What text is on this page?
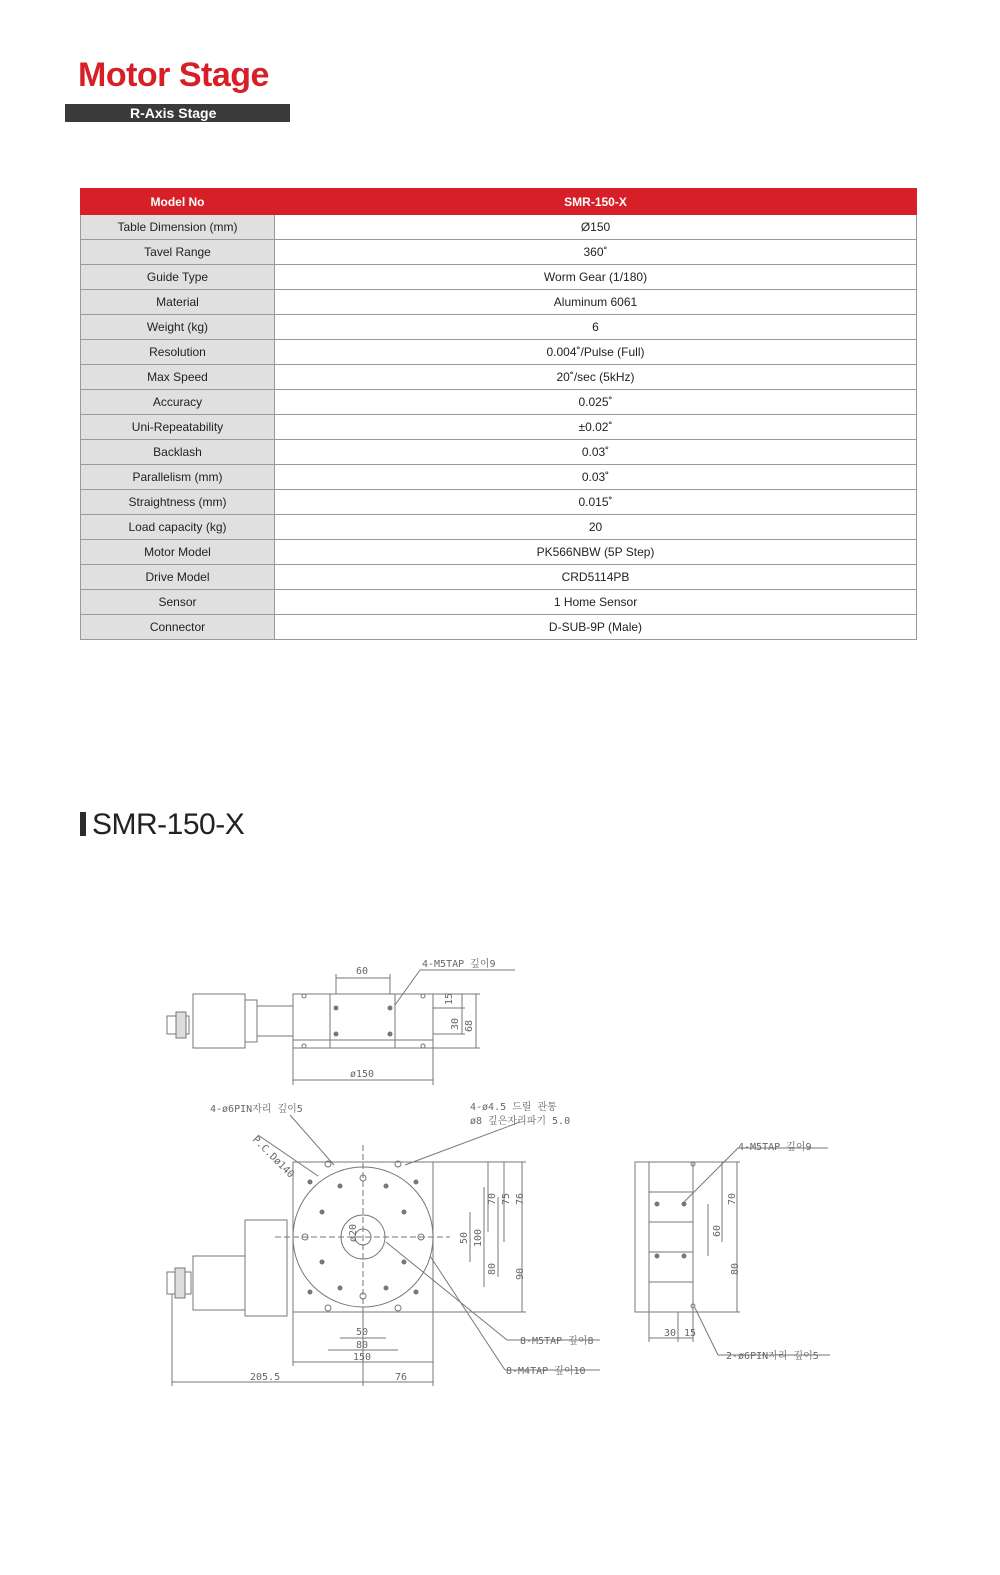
Motor Stage
R-Axis Stage
Model No	SMR-150-X
Table Dimension (mm)	Ø150
Tavel Range	360˚
Guide Type	Worm Gear (1/180)
Material	Aluminum 6061
Weight (kg)	6
Resolution	0.004˚/Pulse (Full)
Max Speed	20˚/sec (5kHz)
Accuracy	0.025˚
Uni-Repeatability	±0.02˚
Backlash	0.03˚
Parallelism (mm)	0.03˚
Straightness (mm)	0.015˚
Load capacity (kg)	20
Motor Model	PK566NBW (5P Step)
Drive Model	CRD5114PB
Sensor	1 Home Sensor
Connector	D-SUB-9P (Male)
SMR-150-X
60
4-M5TAP 깊이9
15
30 68
ø150
4-ø6PIN자리 깊이5	4-ø4.5 드릴 관통
ø8 깊은자리파기 5.0
P.C.Dø140
ø20	50 100
70 75 76
80 90
50
80
150
205.5	76
8-M5TAP 깊이8
8-M4TAP 깊이10
4-M5TAP 깊이9
70
60
80
30 15
2-ø6PIN자리 깊이5
